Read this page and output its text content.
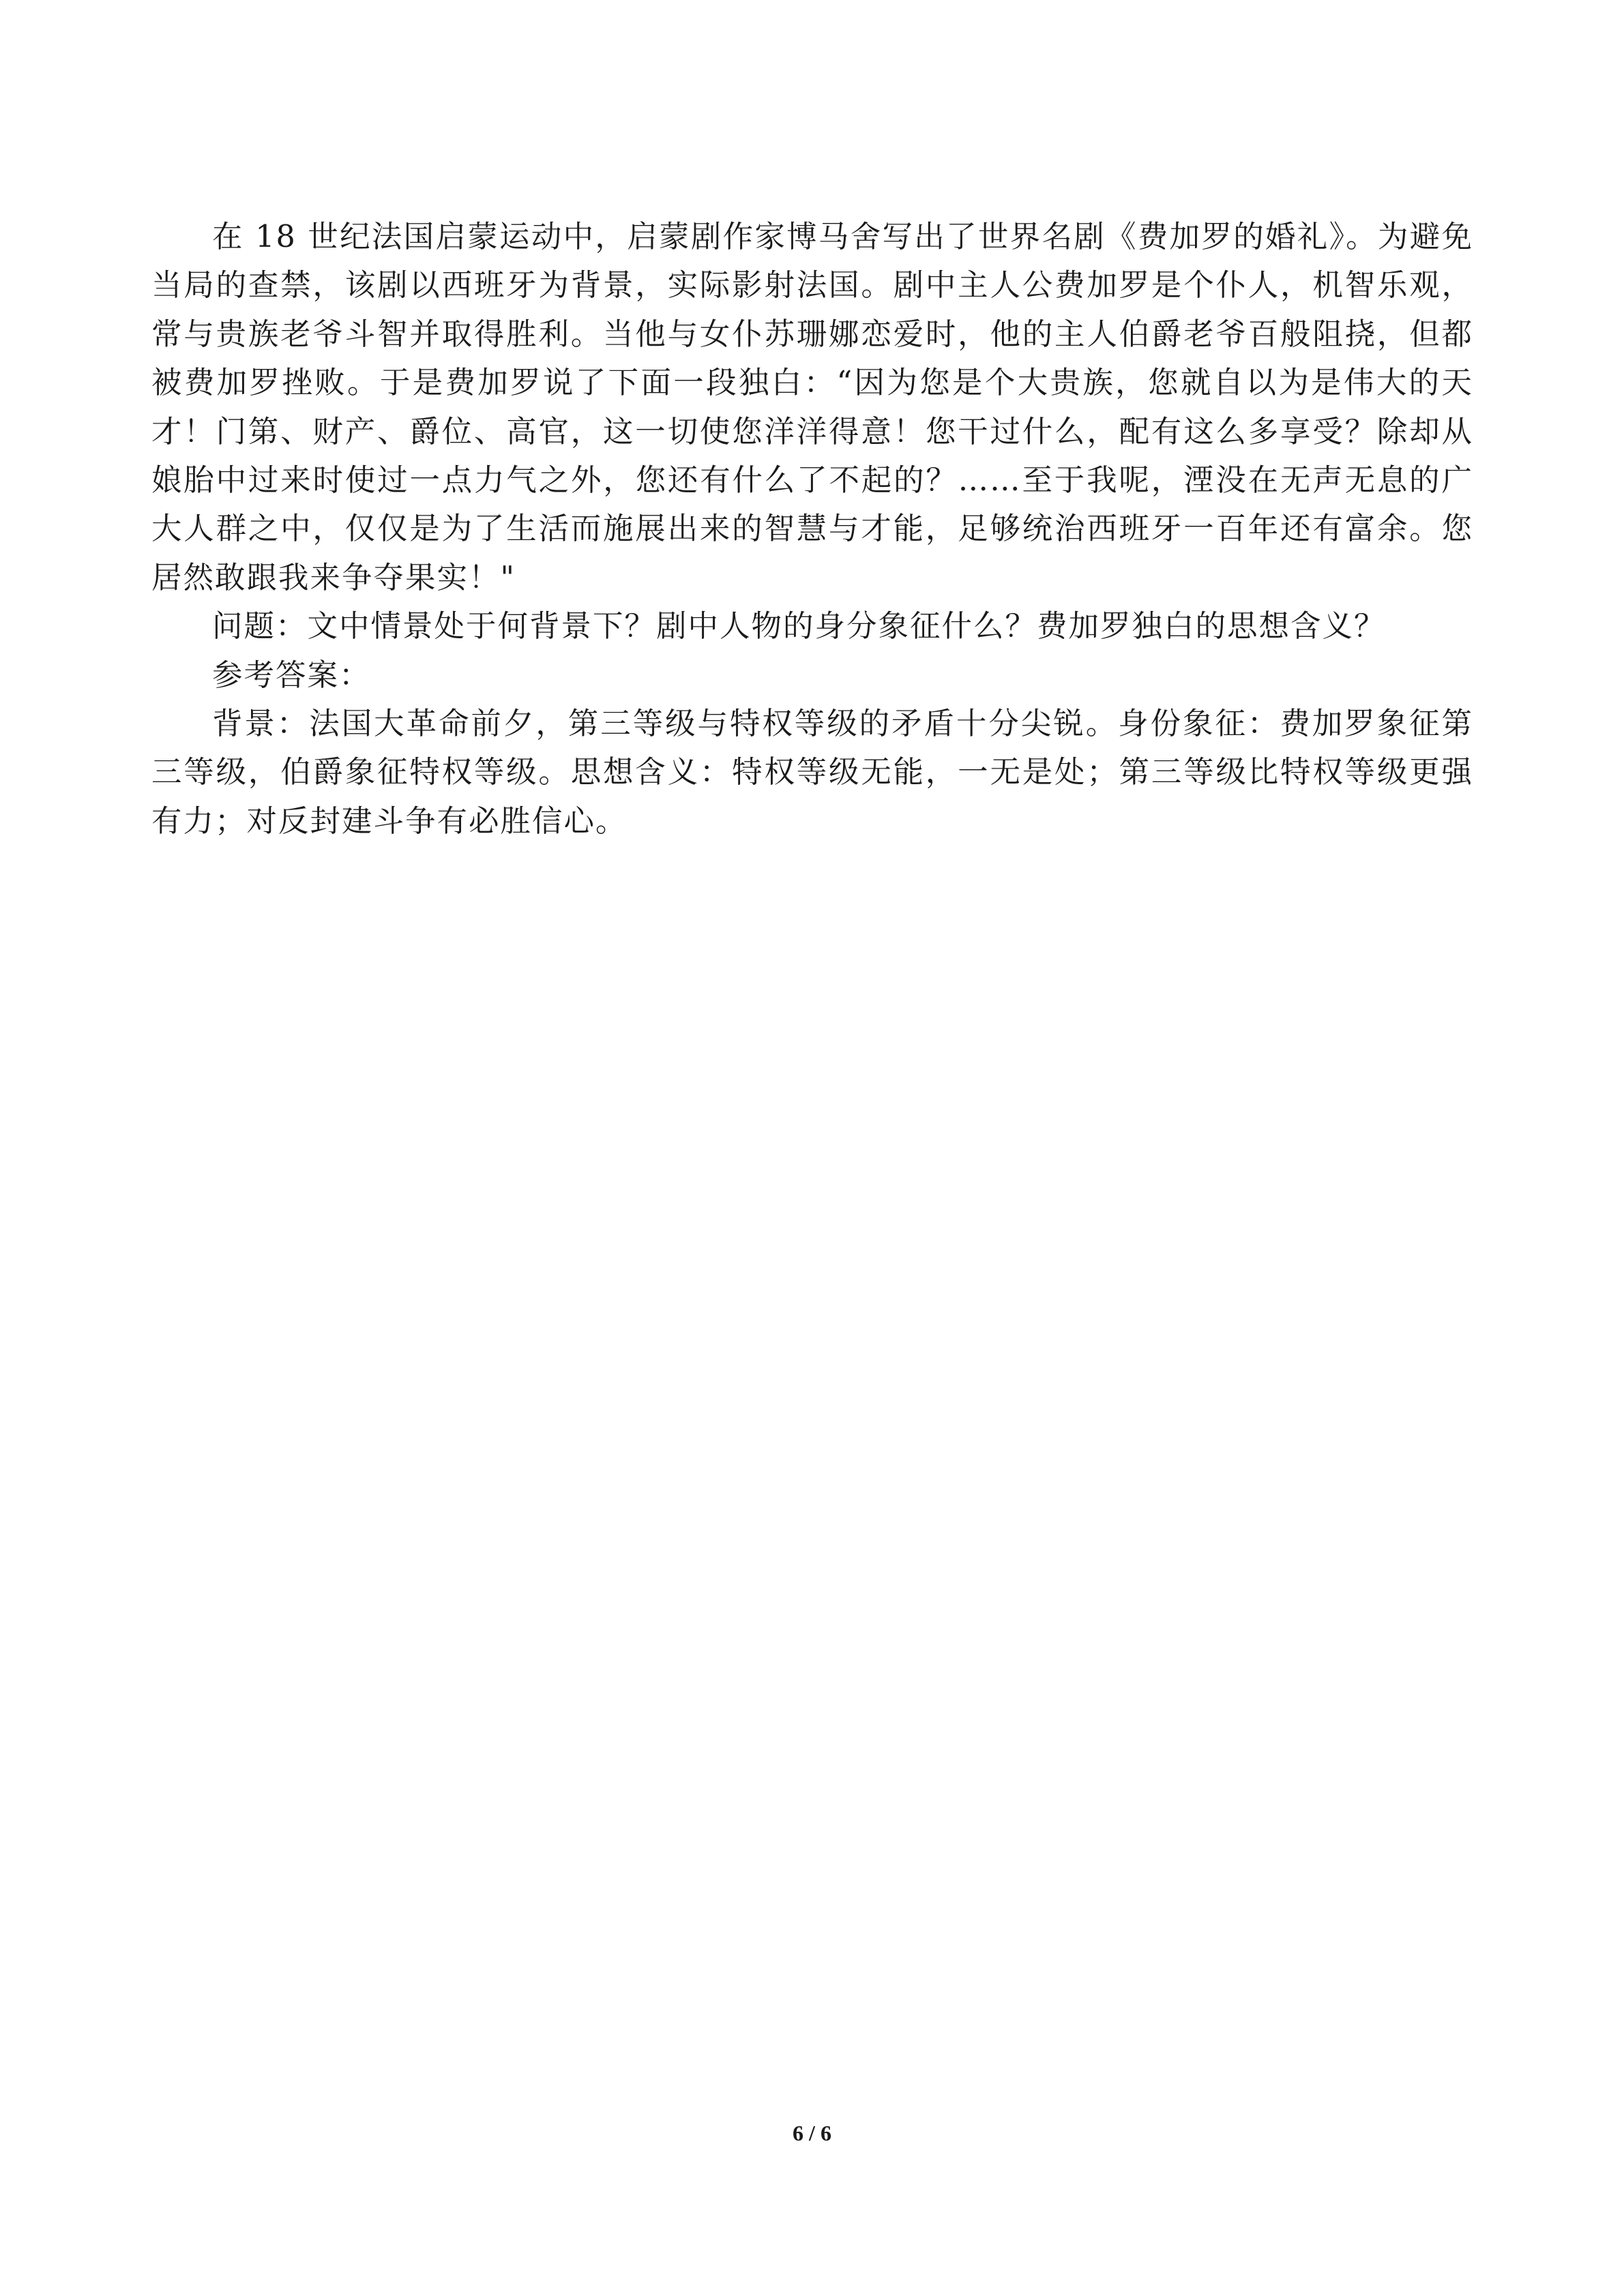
在 18 世纪法国启蒙运动中，启蒙剧作家博马舍写出了世界名剧《费加罗的婚礼》。为避免当局的查禁，该剧以西班牙为背景，实际影射法国。剧中主人公费加罗是个仆人，机智乐观，常与贵族老爷斗智并取得胜利。当他与女仆苏珊娜恋爱时，他的主人伯爵老爷百般阻挠，但都被费加罗挫败。于是费加罗说了下面一段独白：“因为您是个大贵族，您就自以为是伟大的天才！门第、财产、爵位、高官，这一切使您洋洋得意！您干过什么，配有这么多享受？除却从娘胎中过来时使过一点力气之外，您还有什么了不起的？……至于我呢，湮没在无声无息的广大人群之中，仅仅是为了生活而施展出来的智慧与才能，足够统治西班牙一百年还有富余。您居然敢跟我来争夺果实！"

问题：文中情景处于何背景下？剧中人物的身分象征什么？费加罗独白的思想含义？

参考答案：

背景：法国大革命前夕，第三等级与特权等级的矛盾十分尖锐。身份象征：费加罗象征第三等级，伯爵象征特权等级。思想含义：特权等级无能，一无是处；第三等级比特权等级更强有力；对反封建斗争有必胜信心。

6 / 6
